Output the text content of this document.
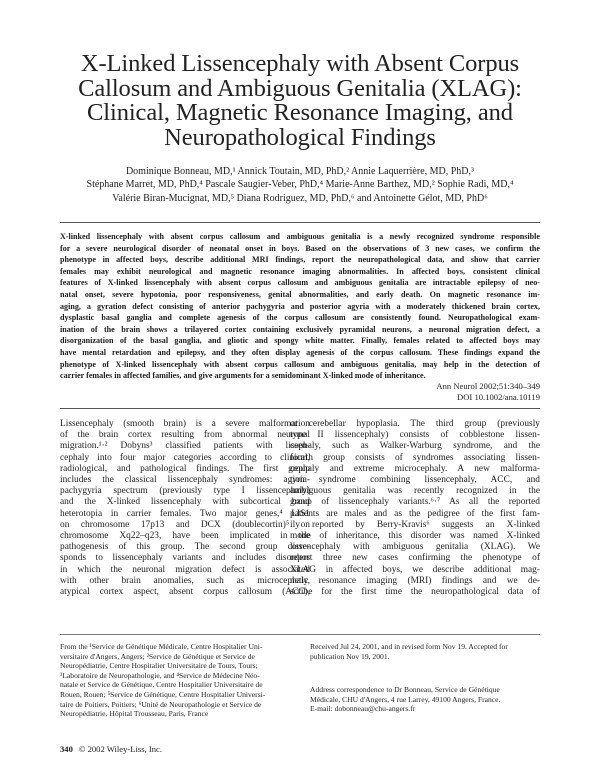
X-Linked Lissencephaly with Absent Corpus
Callosum and Ambiguous Genitalia (XLAG):
Clinical, Magnetic Resonance Imaging, and
Neuropathological Findings
Dominique Bonneau, MD,¹ Annick Toutain, MD, PhD,² Annie Laquerrière, MD, PhD,³
Stéphane Marret, MD, PhD,⁴ Pascale Saugier-Veber, PhD,⁴ Marie-Anne Barthez, MD,² Sophie Radi, MD,⁴
Valérie Biran-Mucignat, MD,⁵ Diana Rodriguez, MD, PhD,⁶ and Antoinette Gélot, MD, PhD⁶
X-linked lissencephaly with absent corpus callosum and ambiguous genitalia is a newly recognized syndrome responsible
for a severe neurological disorder of neonatal onset in boys. Based on the observations of 3 new cases, we confirm the
phenotype in affected boys, describe additional MRI findings, report the neuropathological data, and show that carrier
females may exhibit neurological and magnetic resonance imaging abnormalities. In affected boys, consistent clinical
features of X-linked lissencephaly with absent corpus callosum and ambiguous genitalia are intractable epilepsy of neo-
natal onset, severe hypotonia, poor responsiveness, genital abnormalities, and early death. On magnetic resonance im-
aging, a gyration defect consisting of anterior pachygyria and posterior agyria with a moderately thickened brain cortex,
dysplastic basal ganglia and complete agenesis of the corpus callosum are consistently found. Neuropathological exam-
ination of the brain shows a trilayered cortex containing exclusively pyramidal neurons, a neuronal migration defect, a
disorganization of the basal ganglia, and gliotic and spongy white matter. Finally, females related to affected boys may
have mental retardation and epilepsy, and they often display agenesis of the corpus callosum. These findings expand the
phenotype of X-linked lissencephaly with absent corpus callosum and ambiguous genitalia, may help in the detection of
carrier females in affected families, and give arguments for a semidominant X-linked mode of inheritance.
Ann Neurol 2002;51:340–349
DOI 10.1002/ana.10119
Lissencephaly (smooth brain) is a severe malformation
of the brain cortex resulting from abnormal neuronal
migration.¹·² Dobyns³ classified patients with lissen-
cephaly into four major categories according to clinical,
radiological, and pathological findings. The first group
includes the classical lissencephaly syndromes: agyria-
pachygyria spectrum (previously type I lissencephaly)
and the X-linked lissencephaly with subcortical band
heterotopia in carrier females. Two major genes,⁴ LIS1
on chromosome 17p13 and DCX (doublecortin)⁵ on
chromosome Xq22–q23, have been implicated in the
pathogenesis of this group. The second group corre-
sponds to lissencephaly variants and includes disorders
in which the neuronal migration defect is associated
with other brain anomalies, such as microcephaly,
atypical cortex aspect, absent corpus callosum (ACC),
or cerebellar hypoplasia. The third group (previously
type II lissencephaly) consists of cobblestone lissen-
cephaly, such as Walker-Warburg syndrome, and the
fourth group consists of syndromes associating lissen-
cephaly and extreme microcephaly. A new malforma-
tion syndrome combining lissencephaly, ACC, and
ambiguous genitalia was recently recognized in the
group of lissencephaly variants.⁶·⁷ As all the reported
patients are males and as the pedigree of the first fam-
ily reported by Berry-Kravis⁶ suggests an X-linked
mode of inheritance, this disorder was named X-linked
lissencephaly with ambiguous genitalia (XLAG). We
report three new cases confirming the phenotype of
XLAG in affected boys, we describe additional mag-
netic resonance imaging (MRI) findings and we de-
scribe for the first time the neuropathological data of
From the ¹Service de Génétique Médicale, Centre Hospitalier Uni-
versitaire d'Angers, Angers; ²Service de Génétique et Service de
Neuropédiatrie, Centre Hospitalier Universitaire de Tours, Tours;
³Laboratoire de Neuropathologie, and ⁴Service de Médecine Néo-
natale et Service de Génétique, Centre Hospitalier Universitaire de
Rouen, Rouen; ⁵Service de Génétique, Centre Hospitalier Universi-
taire de Poitiers, Poitiers; ⁶Unité de Neuropathologie et Service de
Neuropédiatrie, Hôpital Trousseau, Paris, France
Received Jul 24, 2001, and in revised form Nov 19. Accepted for
publication Nov 19, 2001.
Address correspondence to Dr Bonneau, Service de Génétique
Médicale, CHU d'Angers, 4 rue Larrey, 49100 Angers, France.
E-mail: dobonneau@chu-angers.fr
340 © 2002 Wiley-Liss, Inc.
